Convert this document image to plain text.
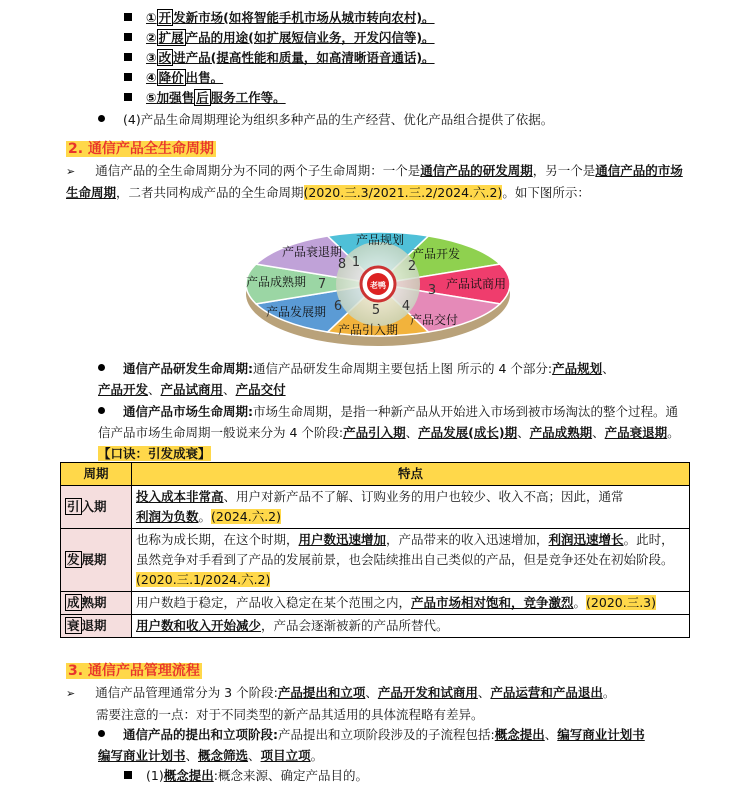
① 开 发新市场(如将智能手机市场从城市转向农村)。
② 扩展 产品的用途(如扩展短信业务，开发闪信等)。
③ 改 进产品(提高性能和质量，如高清晰语音通话)。
④ 降价 出售。
⑤加强售 后 服务工作等。
(4)产品生命周期理论为组织多种产品的生产经营、优化产品组合提供了依据。
2. 通信产品全生命周期
➢ 通信产品的全生命周期分为不同的两个子生命周期：一个是通信产品的研发周期，另一个是通信产品的市场生命周期，二者共同构成产品的全生命周期(2020.三.3/2021.三.2/2024.六.2)。如下图所示：
老鸭
产品规划
1
产品开发
2
产品试商用
3
产品交付
4
产品引入期
5
产品发展期 6
产品成熟期 7
产品衰退期
8
通信产品研发生命周期:通信产品研发生命周期主要包括上图 所示的 4 个部分:产品规划、
产品开发、产品试商用、产品交付
通信产品市场生命周期:市场生命周期，是指一种新产品从开始进入市场到被市场淘汰的整个过程。通信产品市场生命周期一般说来分为 4 个阶段:产品引入期、产品发展(成长)期、产品成熟期、产品衰退期。【口诀：引发成衰】
周期	特点
引 入期	投入成本非常高、用户对新产品不了解、订购业务的用户也较少、收入不高；因此，通常
利润为负数。(2024.六.2)
发 展期	也称为成长期，在这个时期，用户数迅速增加，产品带来的收入迅速增加，利润迅速增长。此时，虽然竞争对手看到了产品的发展前景，也会陆续推出自己类似的产品，但是竞争还处在初始阶段。(2020.三.1/2024.六.2)
成 熟期	用户数趋于稳定，产品收入稳定在某个范围之内，产品市场相对饱和，竞争激烈。(2020.三.3)
衰 退期	用户数和收入开始减少，产品会逐渐被新的产品所替代。
3. 通信产品管理流程
➢ 通信产品管理通常分为 3 个阶段:产品提出和立项、产品开发和试商用、产品运营和产品退出。
需要注意的一点：对于不同类型的新产品其适用的具体流程略有差异。
通信产品的提出和立项阶段:产品提出和立项阶段涉及的子流程包括:概念提出、编写商业计划书
编写商业计划书、概念筛选、项目立项。
(1)概念提出:概念来源、确定产品目的。
